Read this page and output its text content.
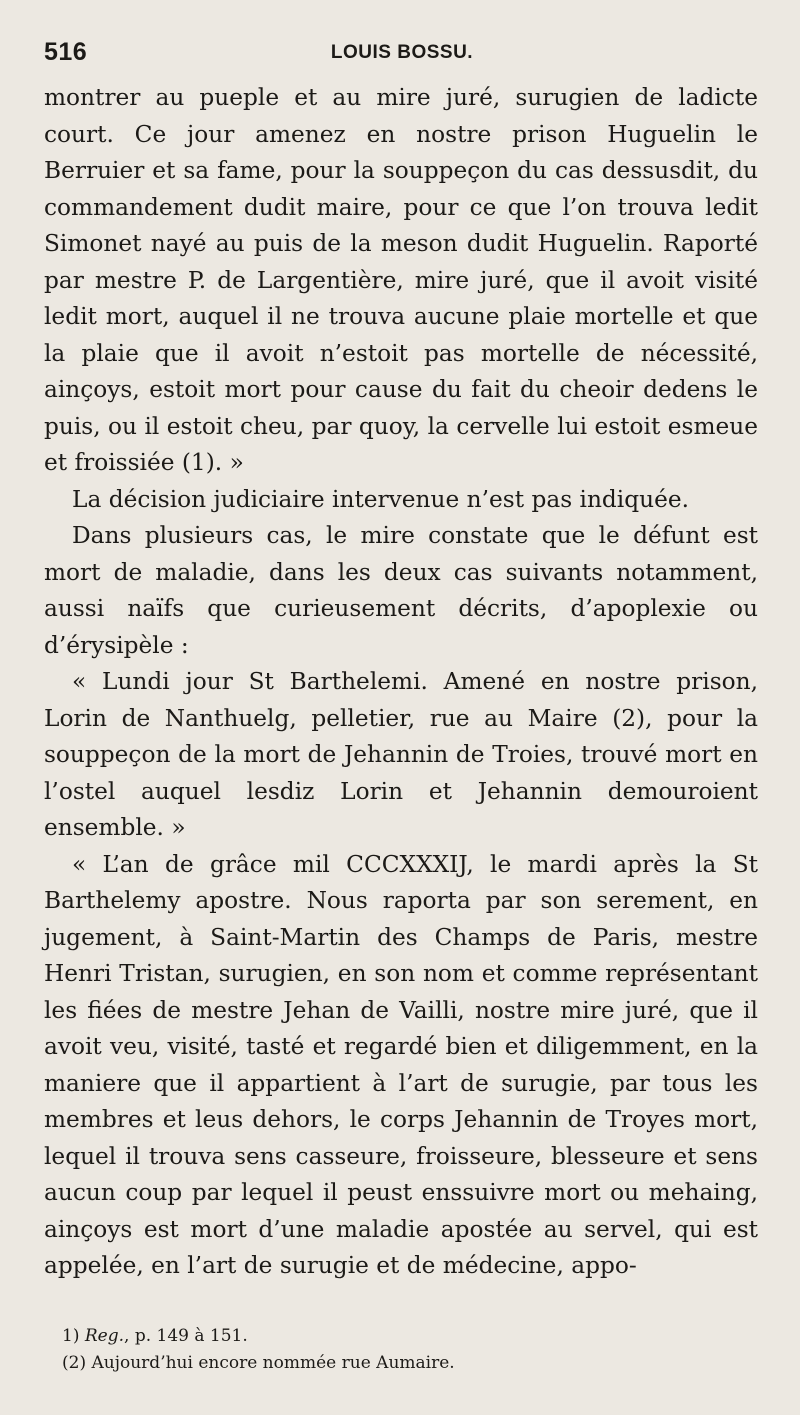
516	LOUIS BOSSU.

montrer au pueple et au mire juré, surugien de ladicte court. Ce jour amenez en nostre prison Huguelin le Berruier et sa fame, pour la souppeçon du cas dessusdit, du commandement dudit maire, pour ce que l’on trouva ledit Simonet nayé au puis de la meson dudit Huguelin. Raporté par mestre P. de Largentière, mire juré, que il avoit visité ledit mort, auquel il ne trouva aucune plaie mortelle et que la plaie que il avoit n’estoit pas mortelle de nécessité, ainçoys, estoit mort pour cause du fait du cheoir dedens le puis, ou il estoit cheu, par quoy, la cervelle lui estoit esmeue et froissiée (1). »

La décision judiciaire intervenue n’est pas indiquée.

Dans plusieurs cas, le mire constate que le défunt est mort de maladie, dans les deux cas suivants notamment, aussi naïfs que curieusement décrits, d’apoplexie ou d’érysipèle :

« Lundi jour St Barthelemi. Amené en nostre prison, Lorin de Nanthuelg, pelletier, rue au Maire (2), pour la souppeçon de la mort de Jehannin de Troies, trouvé mort en l’ostel auquel lesdiz Lorin et Jehannin demouroient ensemble. »

« L’an de grâce mil CCCXXXIJ, le mardi après la St Barthelemy apostre. Nous raporta par son serement, en jugement, à Saint-Martin des Champs de Paris, mestre Henri Tristan, surugien, en son nom et comme représentant les fiées de mestre Jehan de Vailli, nostre mire juré, que il avoit veu, visité, tasté et regardé bien et diligemment, en la maniere que il appartient à l’art de surugie, par tous les membres et leus dehors, le corps Jehannin de Troyes mort, lequel il trouva sens casseure, froisseure, blesseure et sens aucun coup par lequel il peust enssuivre mort ou mehaing, ainçoys est mort d’une maladie apostée au servel, qui est appelée, en l’art de surugie et de médecine, appo-

1) Reg., p. 149 à 151.
(2) Aujourd’hui encore nommée rue Aumaire.
